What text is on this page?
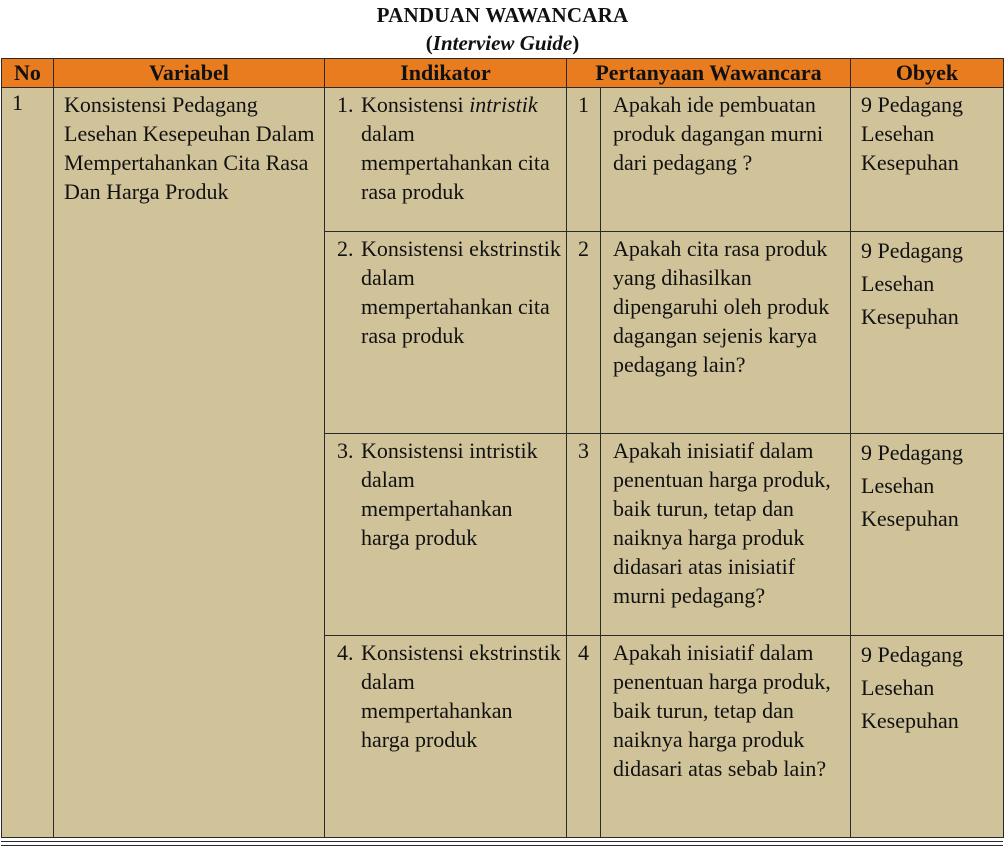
PANDUAN WAWANCARA
(Interview Guide)
No	Variabel	Indikator	Pertanyaan Wawancara		Obyek
1	Konsistensi Pedagang Lesehan Kesepeuhan Dalam Mempertahankan Cita Rasa Dan Harga Produk	1. Konsistensi intristik dalam mempertahankan cita rasa produk	1	Apakah ide pembuatan produk dagangan murni dari pedagang ?	9 Pedagang Lesehan Kesepuhan

		2. Konsistensi ekstrinstik dalam mempertahankan cita rasa produk	2	Apakah cita rasa produk yang dihasilkan dipengaruhi oleh produk dagangan sejenis karya pedagang lain?	9 Pedagang Lesehan Kesepuhan

		3. Konsistensi intristik dalam mempertahankan harga produk	3	Apakah inisiatif dalam penentuan harga produk, baik turun, tetap dan naiknya harga produk didasari atas inisiatif murni pedagang?	9 Pedagang Lesehan Kesepuhan

		4. Konsistensi ekstrinstik dalam mempertahankan harga produk	4	Apakah inisiatif dalam penentuan harga produk, baik turun, tetap dan naiknya harga produk didasari atas sebab lain?	9 Pedagang Lesehan Kesepuhan
